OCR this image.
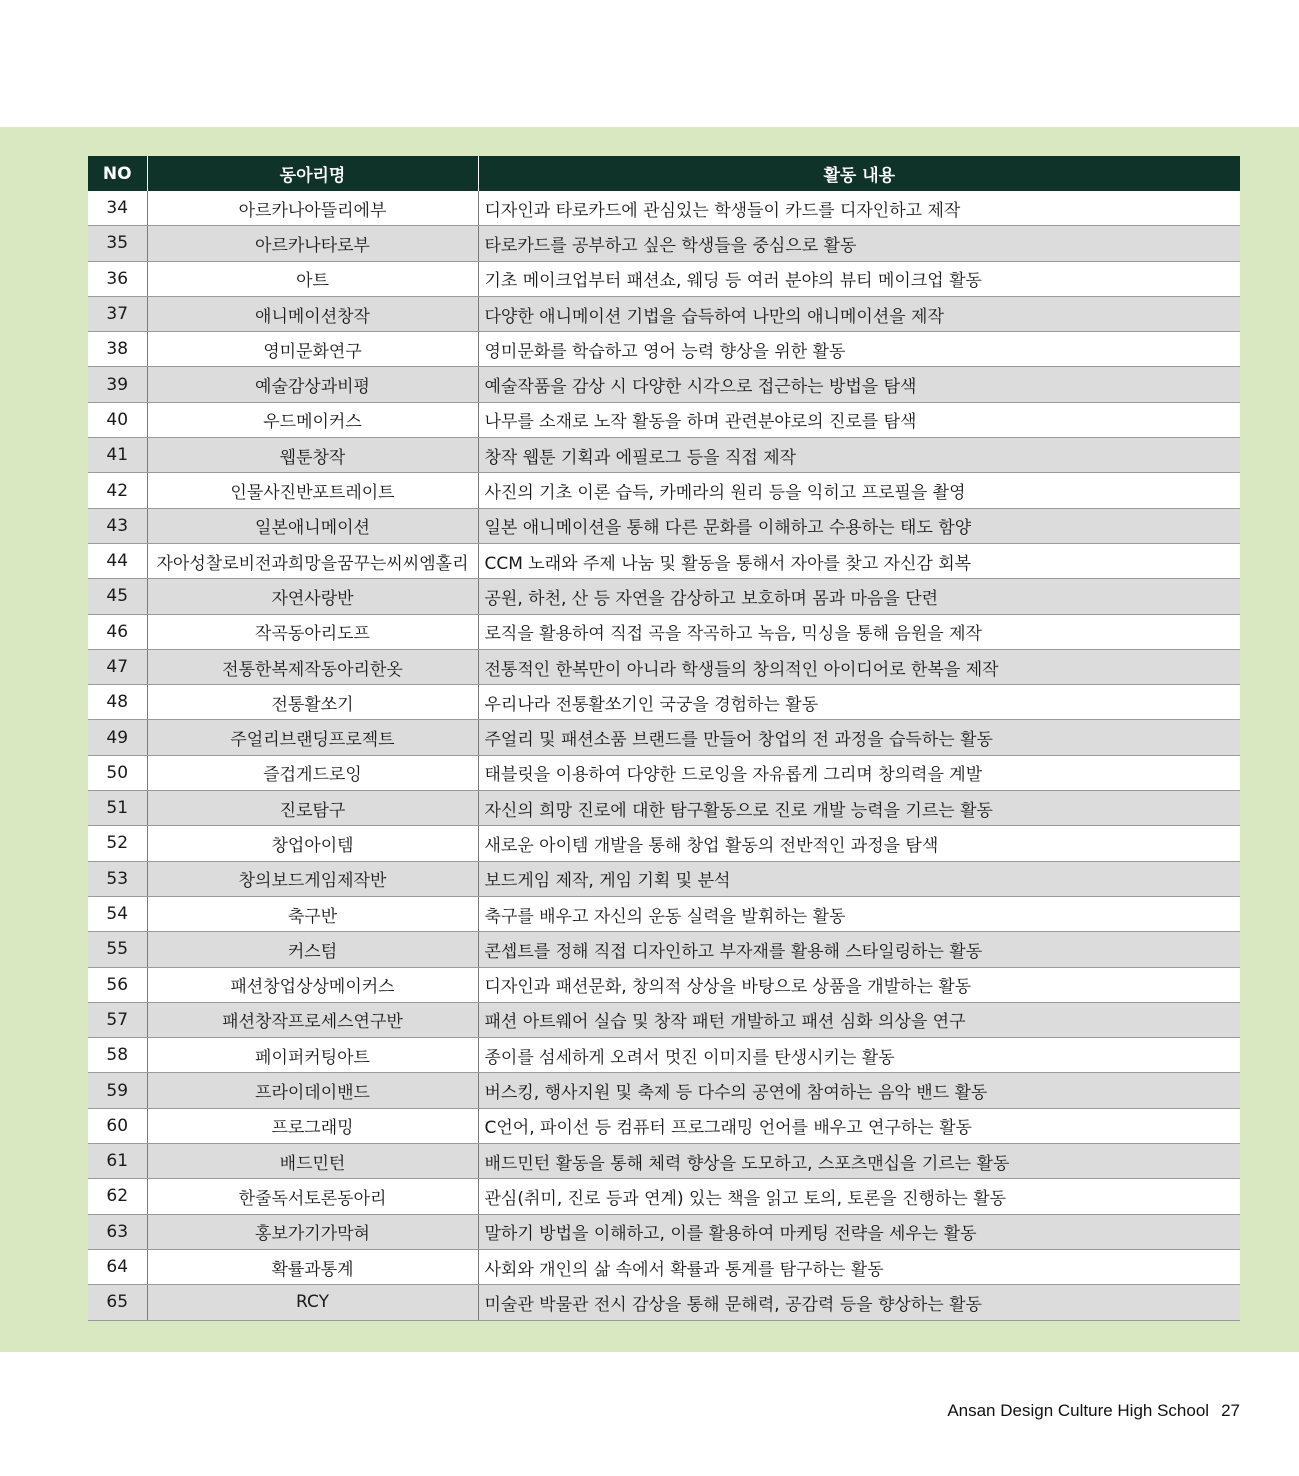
NO	동아리명	활동 내용
34	아르카나아뜰리에부	디자인과 타로카드에 관심있는 학생들이 카드를 디자인하고 제작
35	아르카나타로부	타로카드를 공부하고 싶은 학생들을 중심으로 활동
36	아트	기초 메이크업부터 패션쇼, 웨딩 등 여러 분야의 뷰티 메이크업 활동
37	애니메이션창작	다양한 애니메이션 기법을 습득하여 나만의 애니메이션을 제작
38	영미문화연구	영미문화를 학습하고 영어 능력 향상을 위한 활동
39	예술감상과비평	예술작품을 감상 시 다양한 시각으로 접근하는 방법을 탐색
40	우드메이커스	나무를 소재로 노작 활동을 하며 관련분야로의 진로를 탐색
41	웹툰창작	창작 웹툰 기획과 에필로그 등을 직접 제작
42	인물사진반포트레이트	사진의 기초 이론 습득, 카메라의 원리 등을 익히고 프로필을 촬영
43	일본애니메이션	일본 애니메이션을 통해 다른 문화를 이해하고 수용하는 태도 함양
44	자아성찰로비전과희망을꿈꾸는씨씨엠홀리	CCM 노래와 주제 나눔 및 활동을 통해서 자아를 찾고 자신감 회복
45	자연사랑반	공원, 하천, 산 등 자연을 감상하고 보호하며 몸과 마음을 단련
46	작곡동아리도프	로직을 활용하여 직접 곡을 작곡하고 녹음, 믹싱을 통해 음원을 제작
47	전통한복제작동아리한옷	전통적인 한복만이 아니라 학생들의 창의적인 아이디어로 한복을 제작
48	전통활쏘기	우리나라 전통활쏘기인 국궁을 경험하는 활동
49	주얼리브랜딩프로젝트	주얼리 및 패션소품 브랜드를 만들어 창업의 전 과정을 습득하는 활동
50	즐겁게드로잉	태블릿을 이용하여 다양한 드로잉을 자유롭게 그리며 창의력을 계발
51	진로탐구	자신의 희망 진로에 대한 탐구활동으로 진로 개발 능력을 기르는 활동
52	창업아이템	새로운 아이템 개발을 통해 창업 활동의 전반적인 과정을 탐색
53	창의보드게임제작반	보드게임 제작, 게임 기획 및 분석
54	축구반	축구를 배우고 자신의 운동 실력을 발휘하는 활동
55	커스텀	콘셉트를 정해 직접 디자인하고 부자재를 활용해 스타일링하는 활동
56	패션창업상상메이커스	디자인과 패션문화, 창의적 상상을 바탕으로 상품을 개발하는 활동
57	패션창작프로세스연구반	패션 아트웨어 실습 및 창작 패턴 개발하고 패션 심화 의상을 연구
58	페이퍼커팅아트	종이를 섬세하게 오려서 멋진 이미지를 탄생시키는 활동
59	프라이데이밴드	버스킹, 행사지원 및 축제 등 다수의 공연에 참여하는 음악 밴드 활동
60	프로그래밍	C언어, 파이선 등 컴퓨터 프로그래밍 언어를 배우고 연구하는 활동
61	배드민턴	배드민턴 활동을 통해 체력 향상을 도모하고, 스포츠맨십을 기르는 활동
62	한줄독서토론동아리	관심(취미, 진로 등과 연계) 있는 책을 읽고 토의, 토론을 진행하는 활동
63	홍보가기가막혀	말하기 방법을 이해하고, 이를 활용하여 마케팅 전략을 세우는 활동
64	확률과통계	사회와 개인의 삶 속에서 확률과 통계를 탐구하는 활동
65	RCY	미술관 박물관 전시 감상을 통해 문해력, 공감력 등을 향상하는 활동
Ansan Design Culture High School 27
